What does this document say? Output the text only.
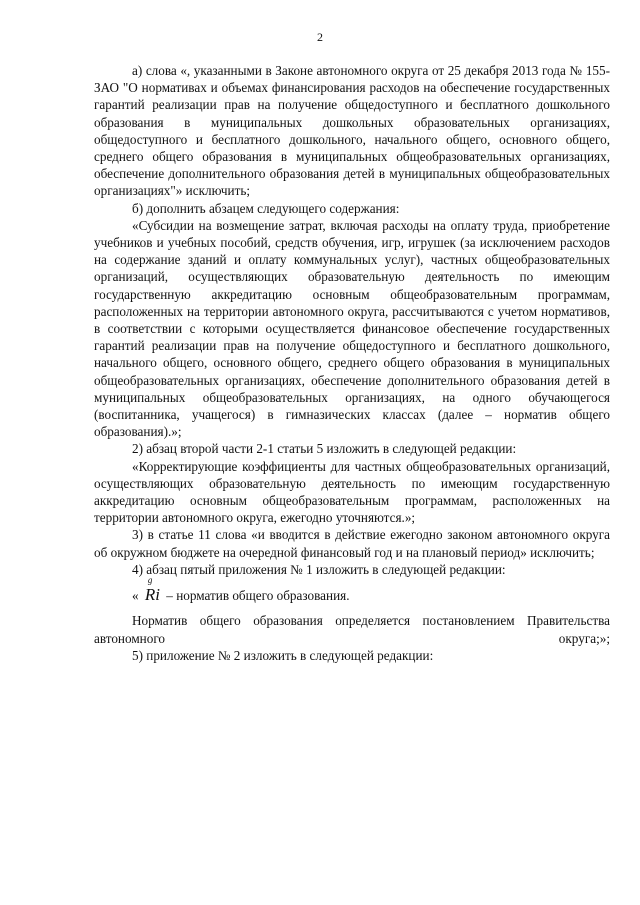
2

а) слова «, указанными в Законе автономного округа от 25 декабря 2013 года № 155-ЗАО "О нормативах и объемах финансирования расходов на обеспечение государственных гарантий реализации прав на получение общедоступного и бесплатного дошкольного образования в муниципальных дошкольных образовательных организациях, общедоступного и бесплатного дошкольного, начального общего, основного общего, среднего общего образования в муниципальных общеобразовательных организациях, обеспечение дополнительного образования детей в муниципальных общеобразовательных организациях"» исключить;

б) дополнить абзацем следующего содержания:

«Субсидии на возмещение затрат, включая расходы на оплату труда, приобретение учебников и учебных пособий, средств обучения, игр, игрушек (за исключением расходов на содержание зданий и оплату коммунальных услуг), частных общеобразовательных организаций, осуществляющих образовательную деятельность по имеющим государственную аккредитацию основным общеобразовательным программам, расположенных на территории автономного округа, рассчитываются с учетом нормативов, в соответствии с которыми осуществляется финансовое обеспечение государственных гарантий реализации прав на получение общедоступного и бесплатного дошкольного, начального общего, основного общего, среднего общего образования в муниципальных общеобразовательных организациях, обеспечение дополнительного образования детей в муниципальных общеобразовательных организациях, на одного обучающегося (воспитанника, учащегося) в гимназических классах (далее – норматив общего образования).»;

2) абзац второй части 2-1 статьи 5 изложить в следующей редакции:

«Корректирующие коэффициенты для частных общеобразовательных организаций, осуществляющих образовательную деятельность по имеющим государственную аккредитацию основным общеобразовательным программам, расположенных на территории автономного округа, ежегодно уточняются.»;

3) в статье 11 слова «и вводится в действие ежегодно законом автономного округа об окружном бюджете на очередной финансовый год и на плановый период» исключить;

4) абзац пятый приложения № 1 изложить в следующей редакции:

«
g
Ri – норматив общего образования.

Норматив общего образования определяется постановлением Правительства автономного округа;»;

5) приложение № 2 изложить в следующей редакции:
